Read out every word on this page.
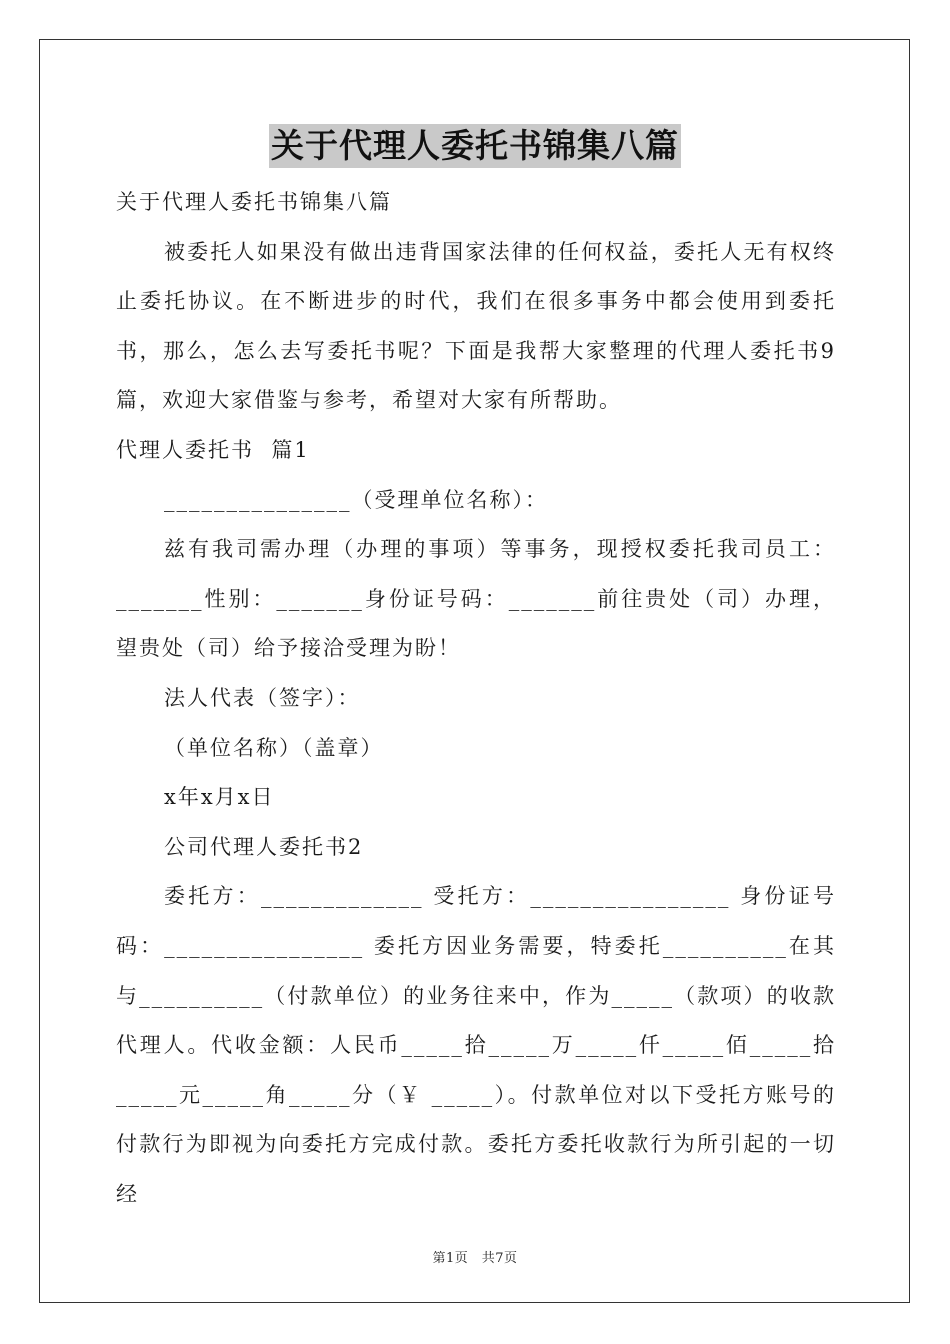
关于代理人委托书锦集八篇

关于代理人委托书锦集八篇

被委托人如果没有做出违背国家法律的任何权益，委托人无有权终止委托协议。在不断进步的时代，我们在很多事务中都会使用到委托书，那么，怎么去写委托书呢？下面是我帮大家整理的代理人委托书9篇，欢迎大家借鉴与参考，希望对大家有所帮助。

代理人委托书  篇1

_______________（受理单位名称）：

兹有我司需办理（办理的事项）等事务，现授权委托我司员工：_______性别：_______身份证号码：_______前往贵处（司）办理，望贵处（司）给予接洽受理为盼！

法人代表（签字）：

（单位名称）（盖章）

x年x月x日

公司代理人委托书2

委托方：_____________ 受托方：________________ 身份证号码：________________ 委托方因业务需要，特委托__________在其与__________（付款单位）的业务往来中，作为_____（款项）的收款代理人。代收金额：人民币_____拾_____万_____仟_____佰_____拾_____元_____角_____分（￥ _____）。付款单位对以下受托方账号的付款行为即视为向委托方完成付款。委托方委托收款行为所引起的一切经

第1页　共7页
